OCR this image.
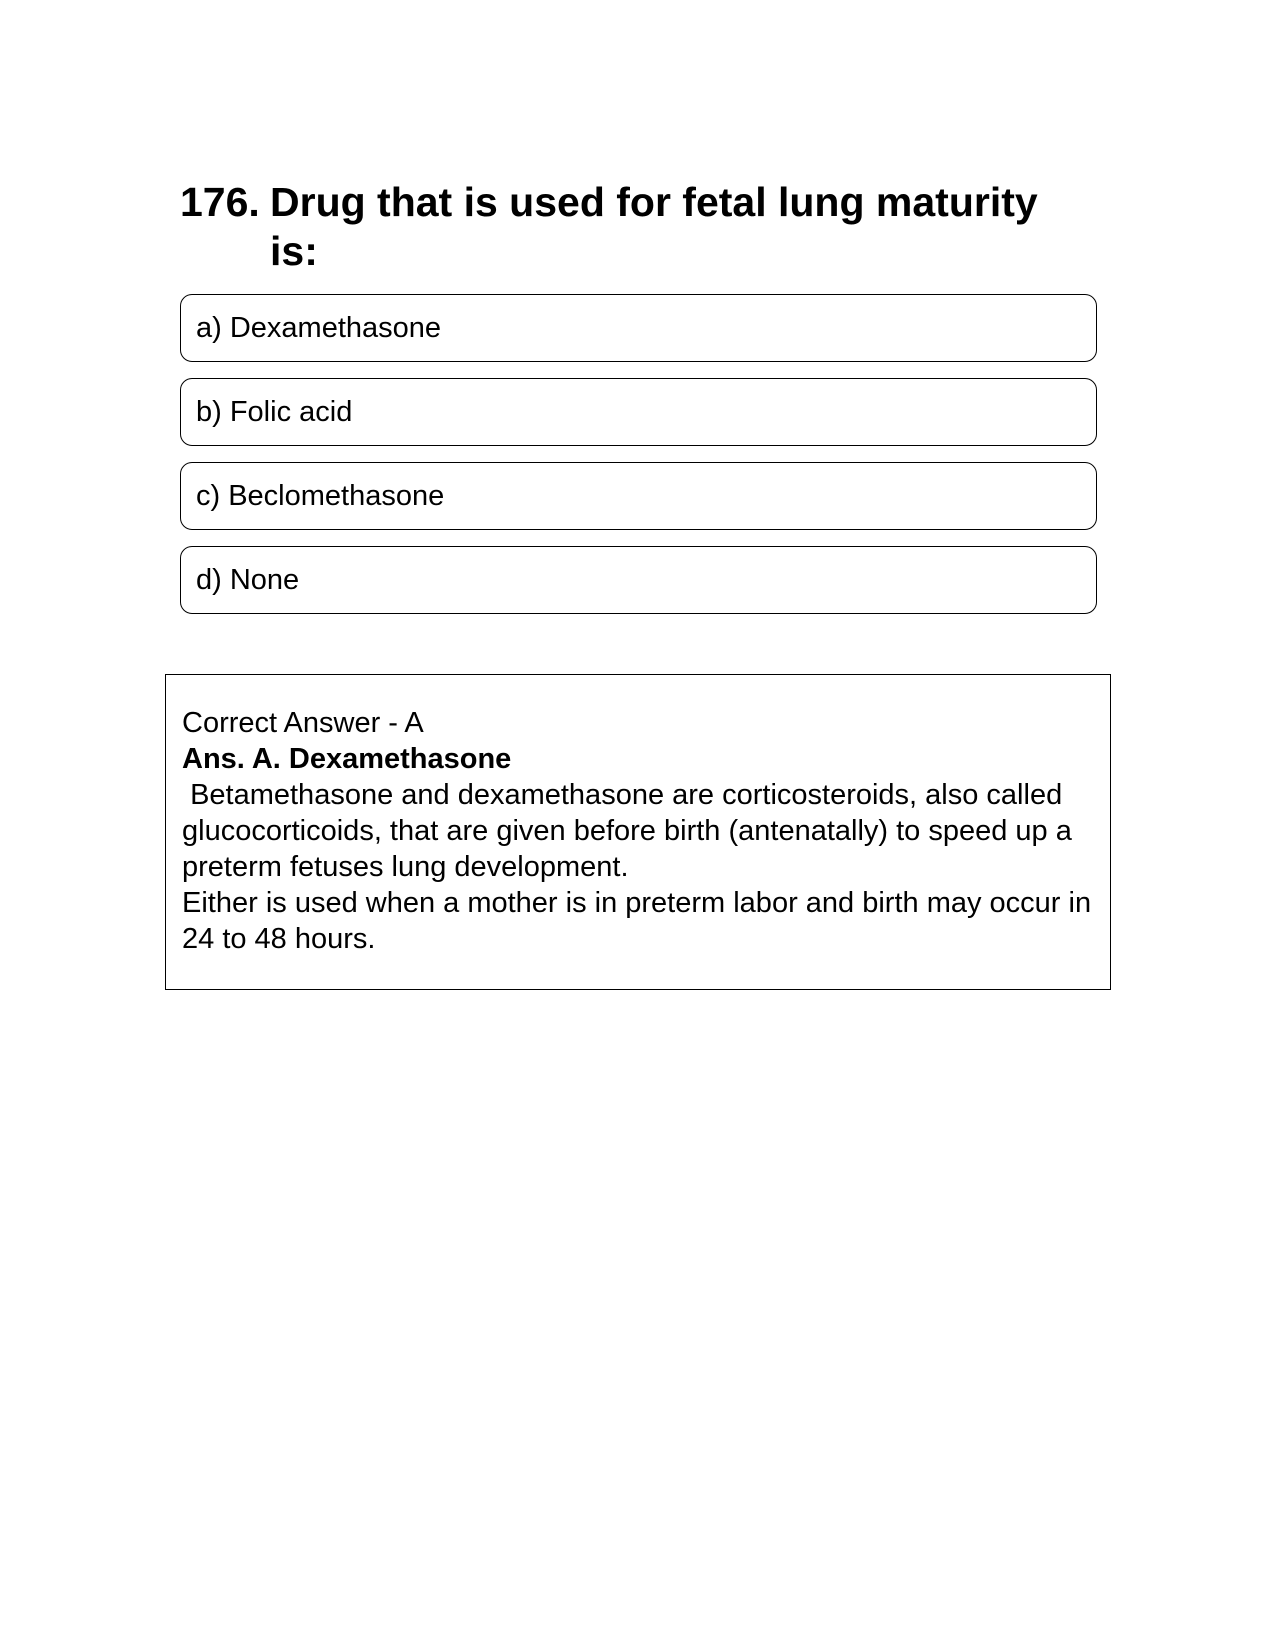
176. Drug that is used for fetal lung maturity is:
a) Dexamethasone
b) Folic acid
c) Beclomethasone
d) None
Correct Answer - A
Ans. A. Dexamethasone
Betamethasone and dexamethasone are corticosteroids, also called glucocorticoids, that are given before birth (antenatally) to speed up a preterm fetuses lung development.
Either is used when a mother is in preterm labor and birth may occur in 24 to 48 hours.
